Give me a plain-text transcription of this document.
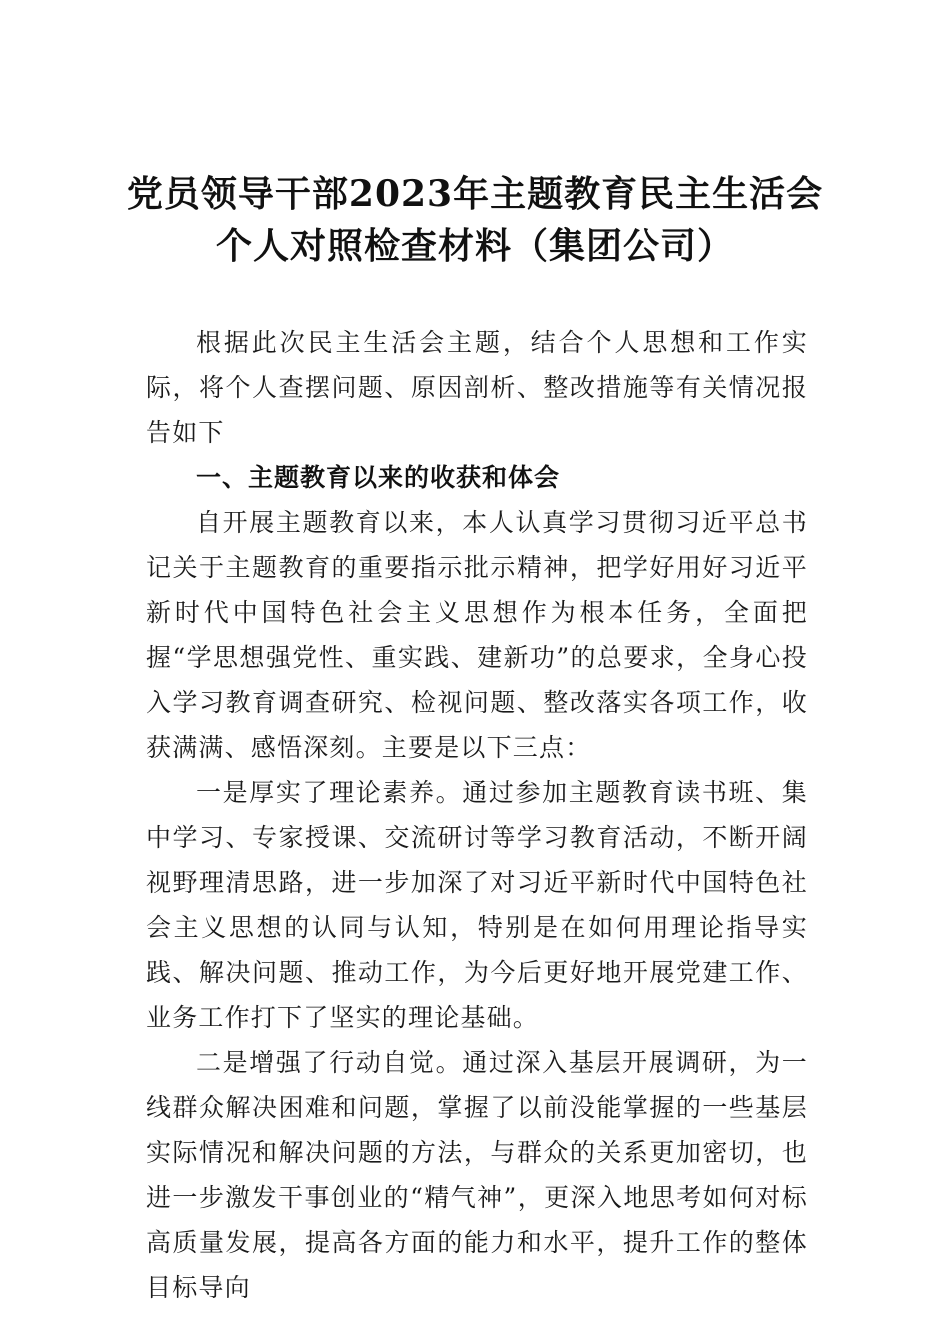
党员领导干部2023年主题教育民主生活会
个人对照检查材料（集团公司）

根据此次民主生活会主题，结合个人思想和工作实际，将个人查摆问题、原因剖析、整改措施等有关情况报告如下

一、主题教育以来的收获和体会

自开展主题教育以来，本人认真学习贯彻习近平总书记关于主题教育的重要指示批示精神，把学好用好习近平新时代中国特色社会主义思想作为根本任务，全面把握“学思想强党性、重实践、建新功”的总要求，全身心投入学习教育调查研究、检视问题、整改落实各项工作，收获满满、感悟深刻。主要是以下三点：

一是厚实了理论素养。通过参加主题教育读书班、集中学习、专家授课、交流研讨等学习教育活动，不断开阔视野理清思路，进一步加深了对习近平新时代中国特色社会主义思想的认同与认知，特别是在如何用理论指导实践、解决问题、推动工作，为今后更好地开展党建工作、业务工作打下了坚实的理论基础。

二是增强了行动自觉。通过深入基层开展调研，为一线群众解决困难和问题，掌握了以前没能掌握的一些基层实际情况和解决问题的方法，与群众的关系更加密切，也进一步激发干事创业的“精气神”，更深入地思考如何对标高质量发展，提高各方面的能力和水平，提升工作的整体目标导向
